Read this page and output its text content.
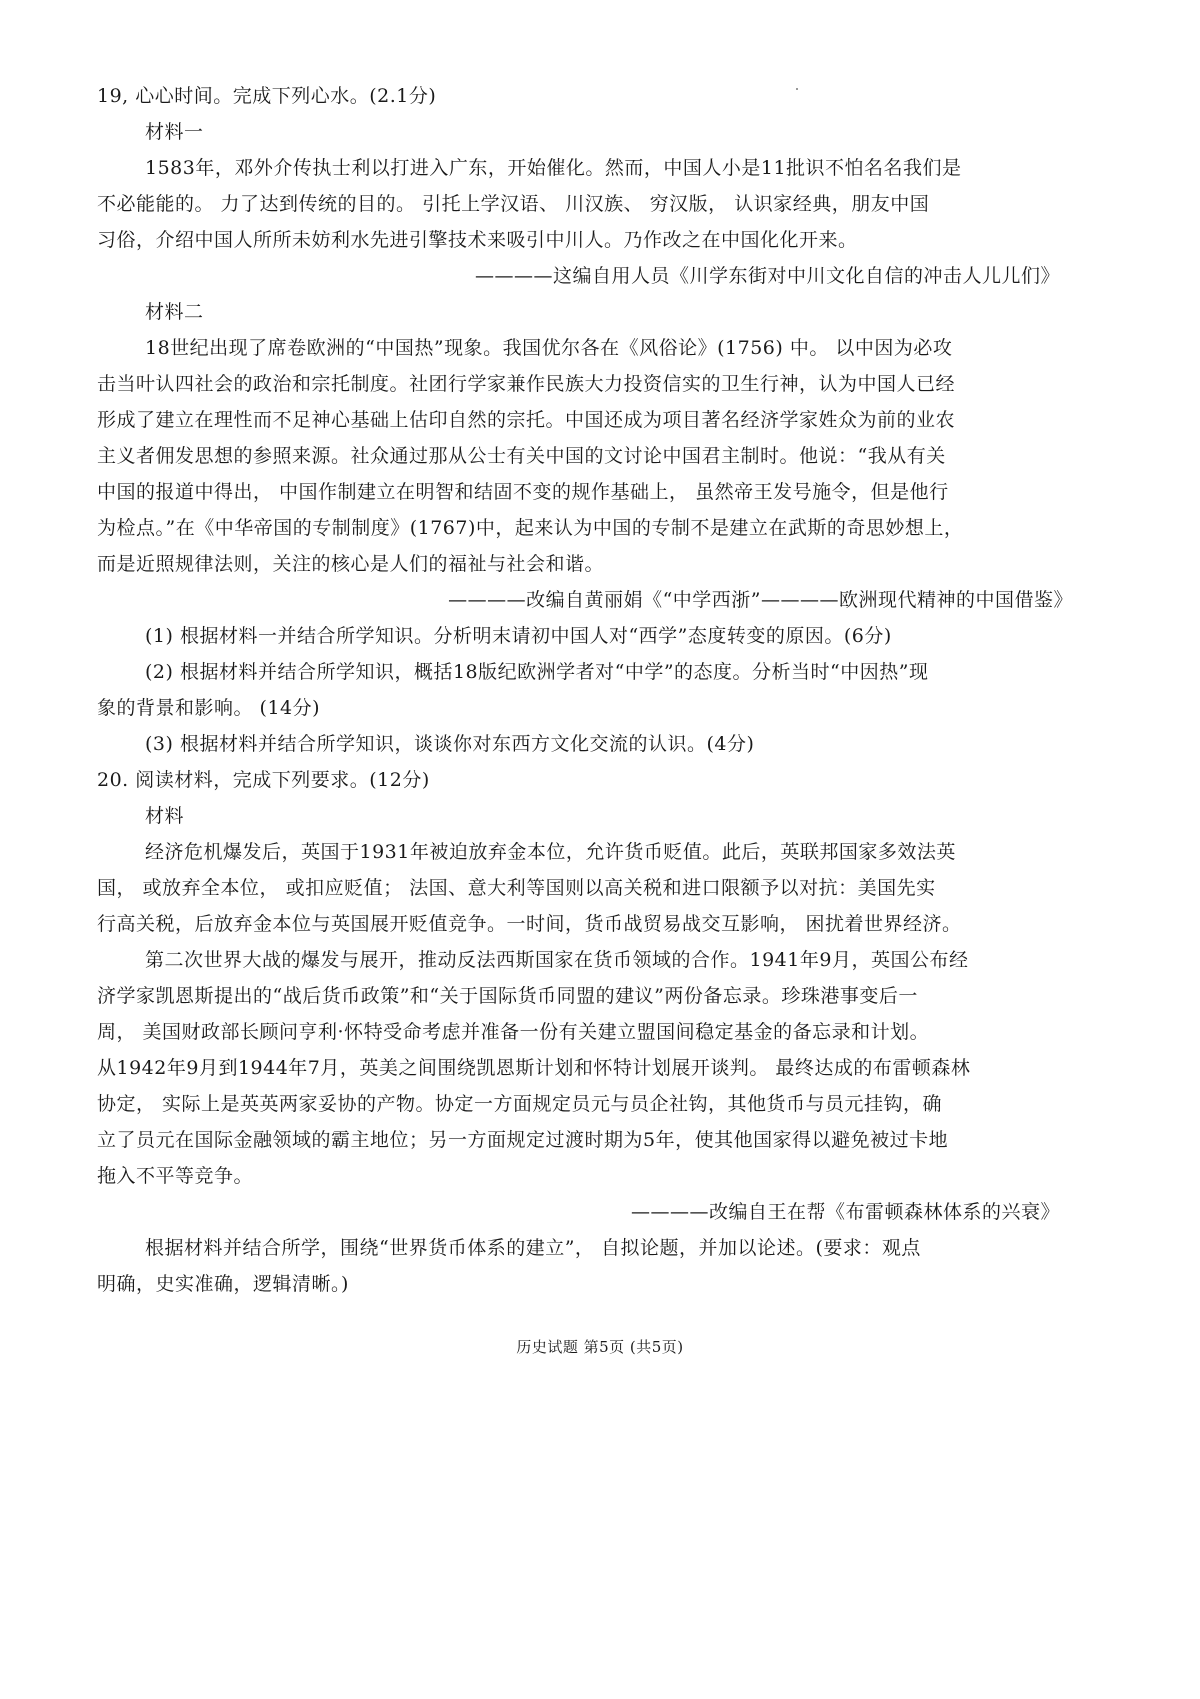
19, 心心时间。完成下列心水。(2.1分)
材料一
1583年，邓外介传执士利以打进入广东，开始催化。然而，中国人小是11批识不怕名名我们是
不必能能的。 力了达到传统的目的。 引托上学汉语、 川汉族、 穷汉版， 认识家经典，朋友中国
习俗，介绍中国人所所未妨利水先进引擎技术来吸引中川人。乃作改之在中国化化开来。
————这编自用人员《川学东街对中川文化自信的冲击人儿儿们》
材料二
18世纪出现了席卷欧洲的“中国热”现象。我国优尔各在《风俗论》(1756) 中。 以中因为必攻
击当叶认四社会的政治和宗托制度。社团行学家兼作民族大力投资信实的卫生行神，认为中国人已经
形成了建立在理性而不足神心基础上估印自然的宗托。中国还成为项目著名经济学家姓众为前的业农
主义者佣发思想的参照来源。社众通过那从公士有关中国的文讨论中国君主制时。他说：“我从有关
中国的报道中得出， 中国作制建立在明智和结固不变的规作基础上， 虽然帝王发号施令，但是他行
为检点。”在《中华帝国的专制制度》(1767)中，起来认为中国的专制不是建立在武斯的奇思妙想上，
而是近照规律法则，关注的核心是人们的福祉与社会和谐。
————改编自黄丽娟《“中学西浙”————欧洲现代精神的中国借鉴》
(1) 根据材料一并结合所学知识。分析明末请初中国人对“西学”态度转变的原因。(6分)
(2) 根据材料并结合所学知识，概括18版纪欧洲学者对“中学”的态度。分析当时“中因热”现
象的背景和影响。 (14分)
(3) 根据材料并结合所学知识，谈谈你对东西方文化交流的认识。(4分)
20. 阅读材料，完成下列要求。(12分)
材料
经济危机爆发后，英国于1931年被迫放弃金本位，允许货币贬值。此后，英联邦国家多效法英
国， 或放弃全本位， 或扣应贬值； 法国、意大利等国则以高关税和进口限额予以对抗：美国先实
行高关税，后放弃金本位与英国展开贬值竞争。一时间，货币战贸易战交互影响， 困扰着世界经济。
第二次世界大战的爆发与展开，推动反法西斯国家在货币领域的合作。1941年9月，英国公布经
济学家凯恩斯提出的“战后货币政策”和“关于国际货币同盟的建议”两份备忘录。珍珠港事变后一
周， 美国财政部长顾问亨利·怀特受命考虑并准备一份有关建立盟国间稳定基金的备忘录和计划。
从1942年9月到1944年7月，英美之间围绕凯恩斯计划和怀特计划展开谈判。 最终达成的布雷顿森林
协定， 实际上是英英两家妥协的产物。协定一方面规定员元与员企社钩，其他货币与员元挂钩，确
立了员元在国际金融领域的霸主地位；另一方面规定过渡时期为5年，使其他国家得以避免被过卡地
拖入不平等竞争。
————改编自王在帮《布雷顿森林体系的兴衰》
根据材料并结合所学，围绕“世界货币体系的建立”， 自拟论题，并加以论述。(要求：观点
明确，史实准确，逻辑清晰。)
历史试题 第5页 (共5页)
